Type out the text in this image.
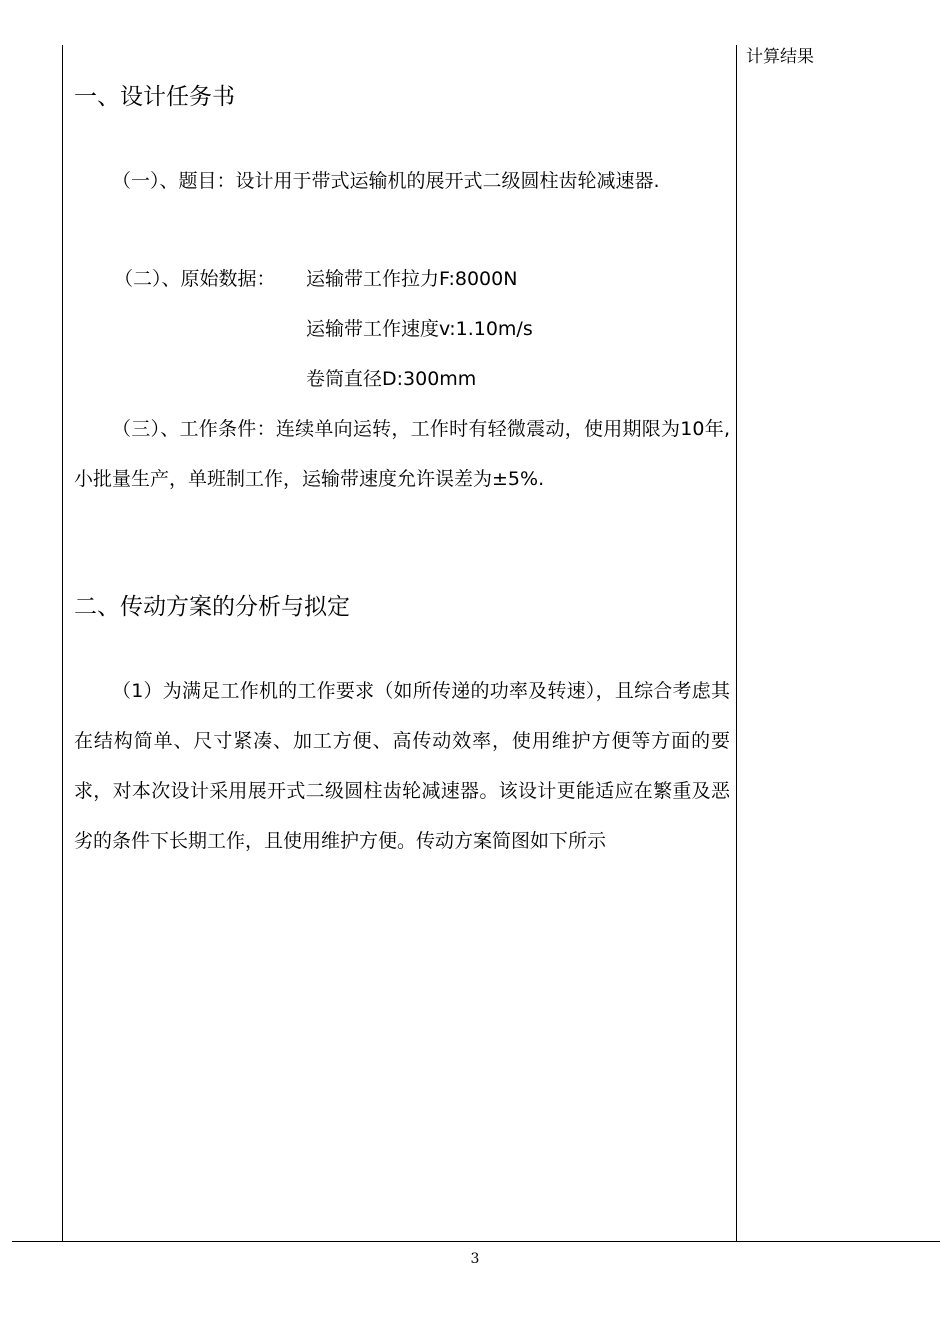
计算结果
一、设计任务书
（一）、题目：设计用于带式运输机的展开式二级圆柱齿轮减速器.
（二）、原始数据： 运输带工作拉力F:8000N
运输带工作速度v:1.10m/s
卷筒直径D:300mm
（三）、工作条件：连续单向运转，工作时有轻微震动，使用期限为10年,小批量生产，单班制工作，运输带速度允许误差为±5%.
二、传动方案的分析与拟定
（1）为满足工作机的工作要求（如所传递的功率及转速），且综合考虑其在结构简单、尺寸紧凑、加工方便、高传动效率，使用维护方便等方面的要求，对本次设计采用展开式二级圆柱齿轮减速器。该设计更能适应在繁重及恶劣的条件下长期工作，且使用维护方便。传动方案简图如下所示
3
